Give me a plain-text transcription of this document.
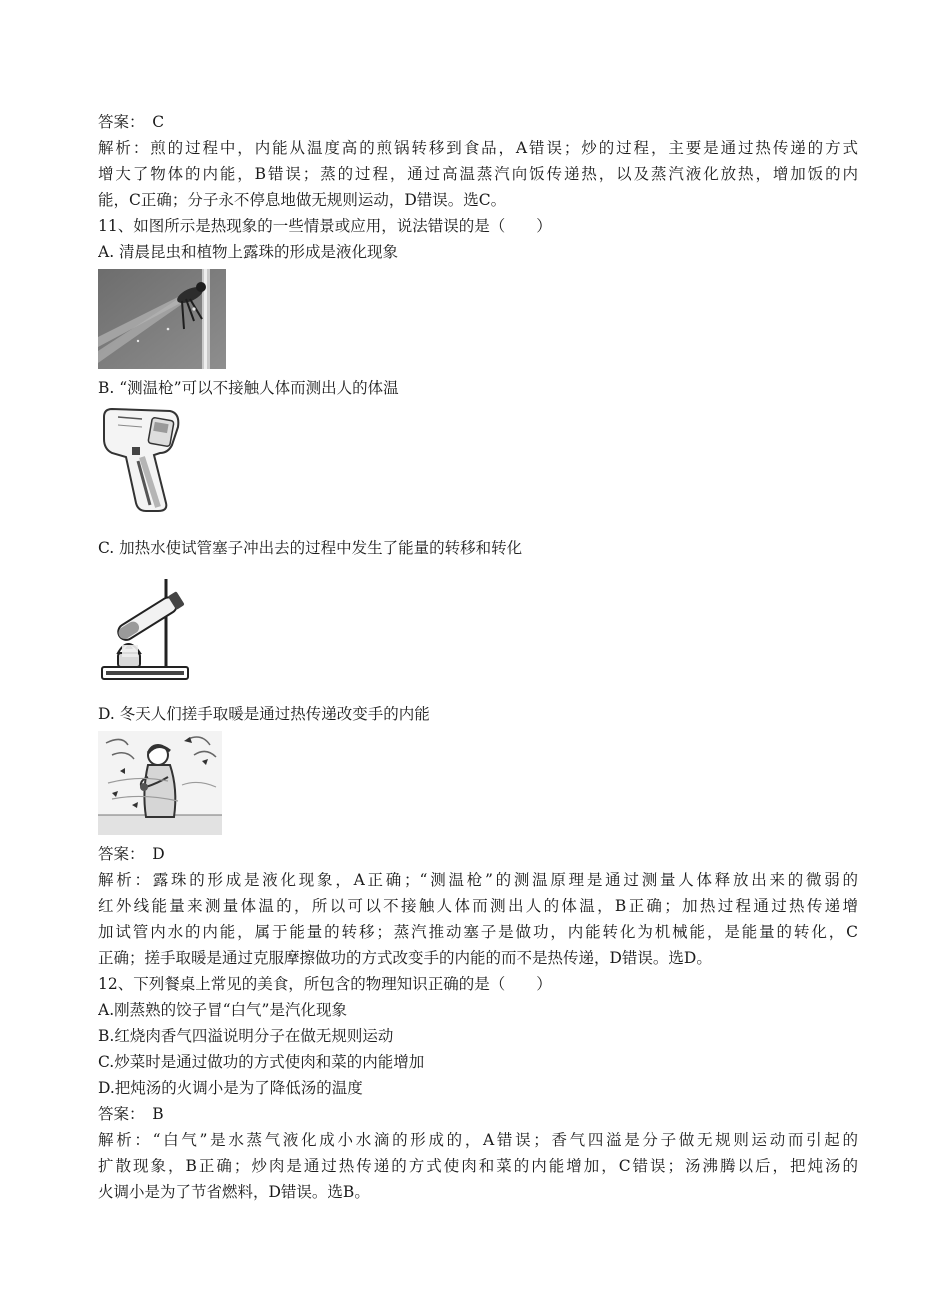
答案：　C
解析：煎的过程中，内能从温度高的煎锅转移到食品，A错误；炒的过程，主要是通过热传递的方式
增大了物体的内能，B错误；蒸的过程，通过高温蒸汽向饭传递热，以及蒸汽液化放热，增加饭的内
能，C正确；分子永不停息地做无规则运动，D错误。选C。
11、如图所示是热现象的一些情景或应用，说法错误的是（　　）
A. 清晨昆虫和植物上露珠的形成是液化现象
B. “测温枪”可以不接触人体而测出人的体温
C. 加热水使试管塞子冲出去的过程中发生了能量的转移和转化
D. 冬天人们搓手取暖是通过热传递改变手的内能
答案：　D
解析：露珠的形成是液化现象，A正确；“测温枪”的测温原理是通过测量人体释放出来的微弱的
红外线能量来测量体温的，所以可以不接触人体而测出人的体温，B正确；加热过程通过热传递增
加试管内水的内能，属于能量的转移；蒸汽推动塞子是做功，内能转化为机械能，是能量的转化，C
正确；搓手取暖是通过克服摩擦做功的方式改变手的内能的而不是热传递，D错误。选D。
12、下列餐桌上常见的美食，所包含的物理知识正确的是（　　）
A.刚蒸熟的饺子冒“白气”是汽化现象
B.红烧肉香气四溢说明分子在做无规则运动
C.炒菜时是通过做功的方式使肉和菜的内能增加
D.把炖汤的火调小是为了降低汤的温度
答案：　B
解析：“白气”是水蒸气液化成小水滴的形成的，A错误；香气四溢是分子做无规则运动而引起的
扩散现象，B正确；炒肉是通过热传递的方式使肉和菜的内能增加，C错误；汤沸腾以后，把炖汤的
火调小是为了节省燃料，D错误。选B。
